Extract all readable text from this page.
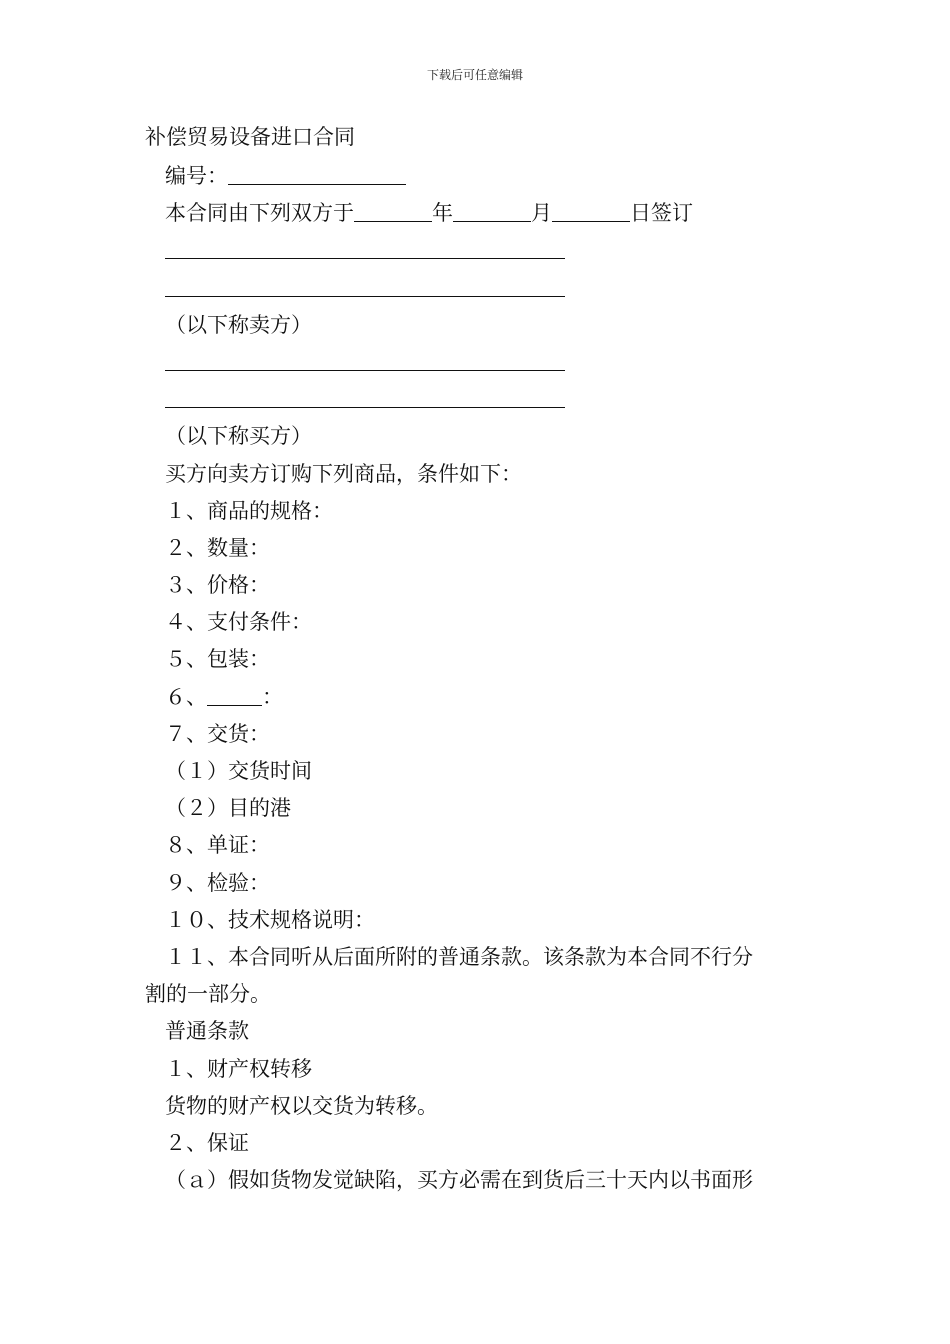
下载后可任意编辑
补偿贸易设备进口合同
编号：
本合同由下列双方于	年	月	日签订
（以下称卖方）
（以下称买方）
买方向卖方订购下列商品，条件如下：
１、商品的规格：
２、数量：
３、价格：
４、支付条件：
５、包装：
６、	：
７、交货：
（１）交货时间
（２）目的港
８、单证：
９、检验：
１０、技术规格说明：
１１、本合同听从后面所附的普通条款。该条款为本合同不行分
割的一部分。
普通条款
１、财产权转移
货物的财产权以交货为转移。
２、保证
（ａ）假如货物发觉缺陷，买方必需在到货后三十天内以书面形
